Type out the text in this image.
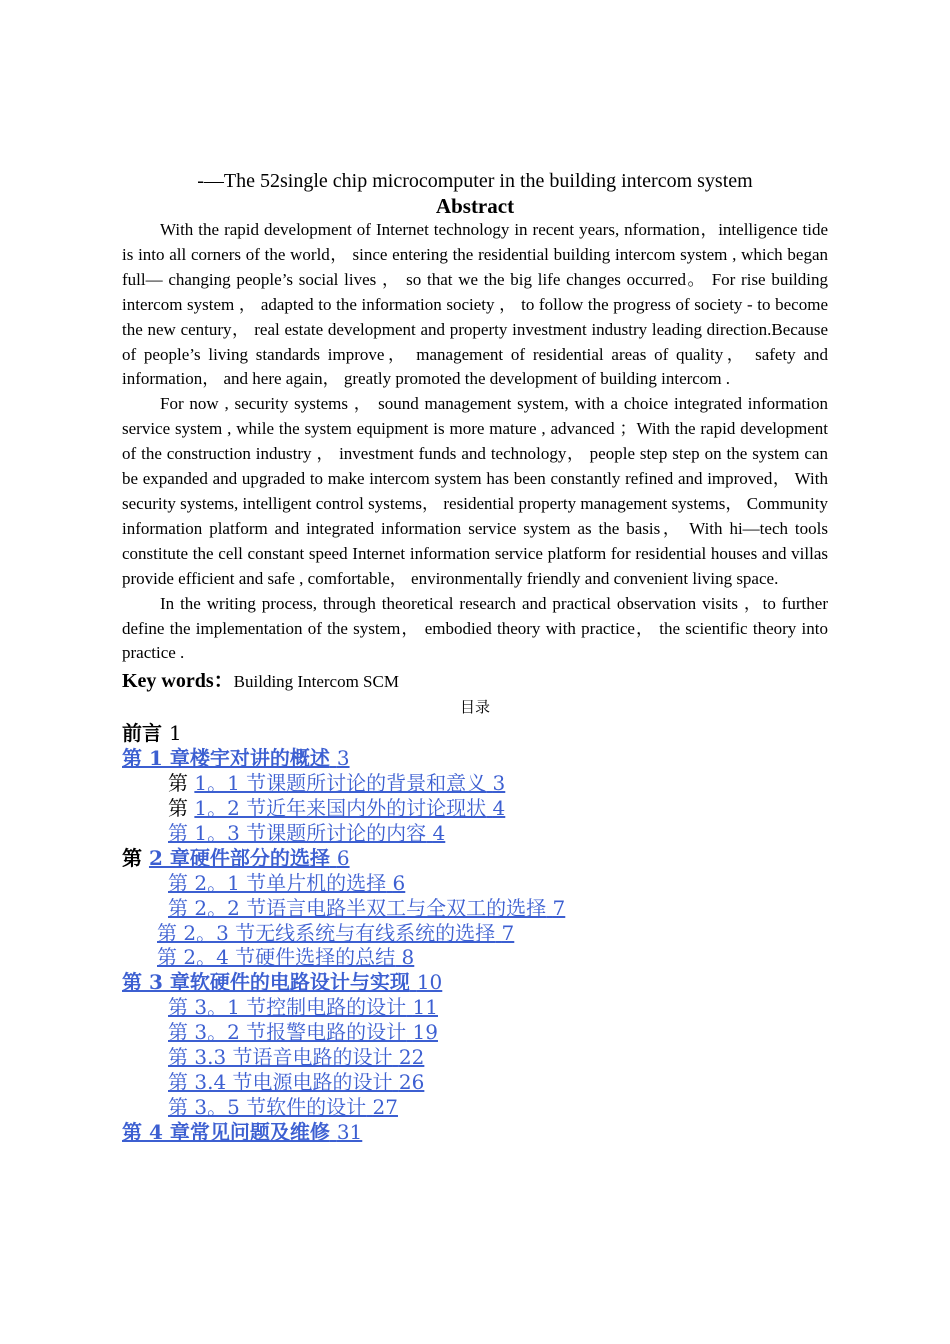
-—The 52single chip microcomputer in the building intercom system
Abstract

With the rapid development of Internet technology in recent years, nformation，intelligence tide is into all corners of the world， since entering the residential building intercom system , which began full— changing people’s social lives ， so that we the big life changes occurred。 For rise building intercom system ， adapted to the information society ， to follow the progress of society - to become the new century， real estate development and property investment industry leading direction.Because of people’s living standards improve， management of residential areas of quality， safety and information， and here again， greatly promoted the development of building intercom .

For now , security systems ， sound management system, with a choice integrated information service system , while the system equipment is more mature , advanced ；With the rapid development of the construction industry ， investment funds and technology， people step step on the system can be expanded and upgraded to make intercom system has been constantly refined and improved， With security systems, intelligent control systems， residential property management systems， Community information platform and integrated information service system as the basis， With hi—tech tools constitute the cell constant speed Internet information service platform for residential houses and villas provide efficient and safe , comfortable， environmentally friendly and convenient living space.

In the writing process, through theoretical research and practical observation visits ，to further define the implementation of the system， embodied theory with practice， the scientific theory into practice .

Key words：Building Intercom SCM
目录
前言 1
第 1 章楼宇对讲的概述 3
第 1。1 节课题所讨论的背景和意义 3
第 1。2 节近年来国内外的讨论现状 4
第 1。3 节课题所讨论的内容 4
第 2 章硬件部分的选择 6
第 2。1 节单片机的选择 6
第 2。2 节语言电路半双工与全双工的选择 7
第 2。3 节无线系统与有线系统的选择 7
第 2。4 节硬件选择的总结 8
第 3 章软硬件的电路设计与实现 10
第 3。1 节控制电路的设计 11
第 3。2 节报警电路的设计 19
第 3.3 节语音电路的设计 22
第 3.4 节电源电路的设计 26
第 3。5 节软件的设计 27
第 4 章常见问题及维修 31
